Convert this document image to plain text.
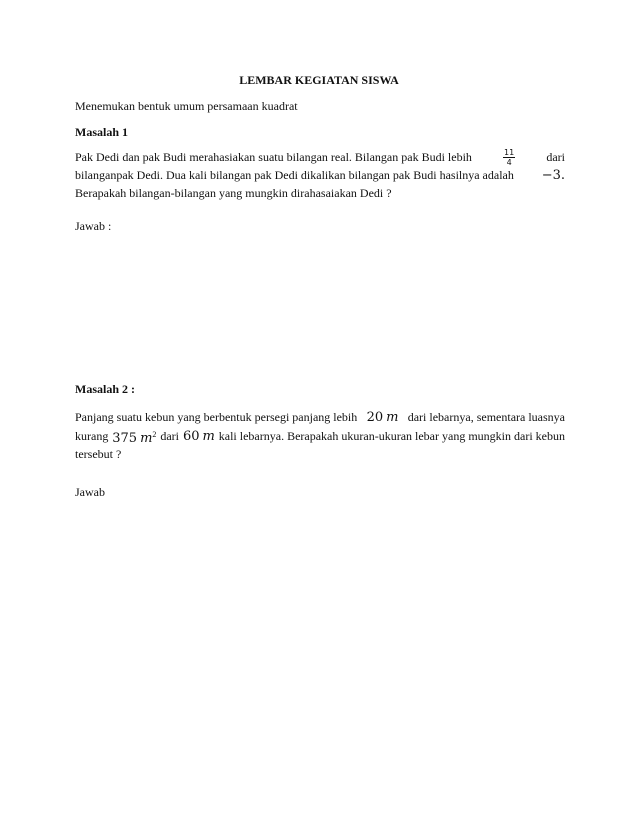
LEMBAR KEGIATAN SISWA
Menemukan bentuk umum persamaan kuadrat
Masalah 1
Pak Dedi dan pak Budi merahasiakan suatu bilangan real. Bilangan pak Budi lebih	$\frac{11}{4}$	dari
bilanganpak Dedi. Dua kali bilangan pak Dedi dikalikan bilangan pak Budi hasilnya adalah −3.
Berapakah bilangan-bilangan yang mungkin dirahasaiakan Dedi ?
Jawab :
Masalah 2 :
Panjang suatu kebun yang berbentuk persegi panjang lebih 20 m dari lebarnya, sementara luasnya
kurang 375 $m^2$ dari 60 m kali lebarnya. Berapakah ukuran-ukuran lebar yang mungkin dari kebun
tersebut ?
Jawab
